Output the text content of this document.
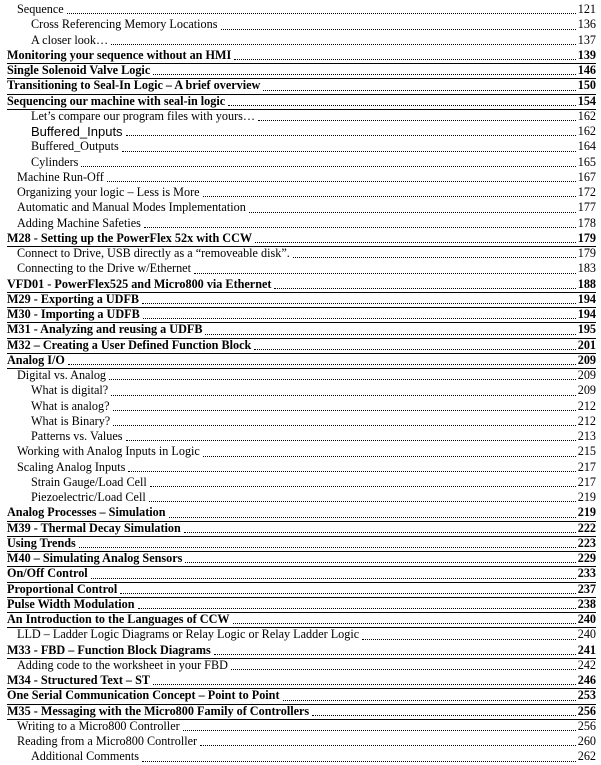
Sequence	121
Cross Referencing Memory Locations	136
A closer look…	137
Monitoring your sequence without an HMI	139
Single Solenoid Valve Logic	146
Transitioning to Seal-In Logic – A brief overview	150
Sequencing our machine with seal-in logic	154
Let’s compare our program files with yours…	162
Buffered_Inputs	162
Buffered_Outputs	164
Cylinders	165
Machine Run-Off	167
Organizing your logic – Less is More	172
Automatic and Manual Modes Implementation	177
Adding Machine Safeties	178
M28 - Setting up the PowerFlex 52x with CCW	179
Connect to Drive, USB directly as a “removeable disk”.	179
Connecting to the Drive w/Ethernet	183
VFD01 - PowerFlex525 and Micro800 via Ethernet	188
M29 - Exporting a UDFB	194
M30 - Importing a UDFB	194
M31 - Analyzing and reusing a UDFB	195
M32 – Creating a User Defined Function Block	201
Analog I/O	209
Digital vs. Analog	209
What is digital?	209
What is analog?	212
What is Binary?	212
Patterns vs. Values	213
Working with Analog Inputs in Logic	215
Scaling Analog Inputs	217
Strain Gauge/Load Cell	217
Piezoelectric/Load Cell	219
Analog Processes – Simulation	219
M39 - Thermal Decay Simulation	222
Using Trends	223
M40 – Simulating Analog Sensors	229
On/Off Control	233
Proportional Control	237
Pulse Width Modulation	238
An Introduction to the Languages of CCW	240
LLD – Ladder Logic Diagrams or Relay Logic or Relay Ladder Logic	240
M33 - FBD – Function Block Diagrams	241
Adding code to the worksheet in your FBD	242
M34 - Structured Text – ST	246
One Serial Communication Concept – Point to Point	253
M35 - Messaging with the Micro800 Family of Controllers	256
Writing to a Micro800 Controller	256
Reading from a Micro800 Controller	260
Additional Comments	262
